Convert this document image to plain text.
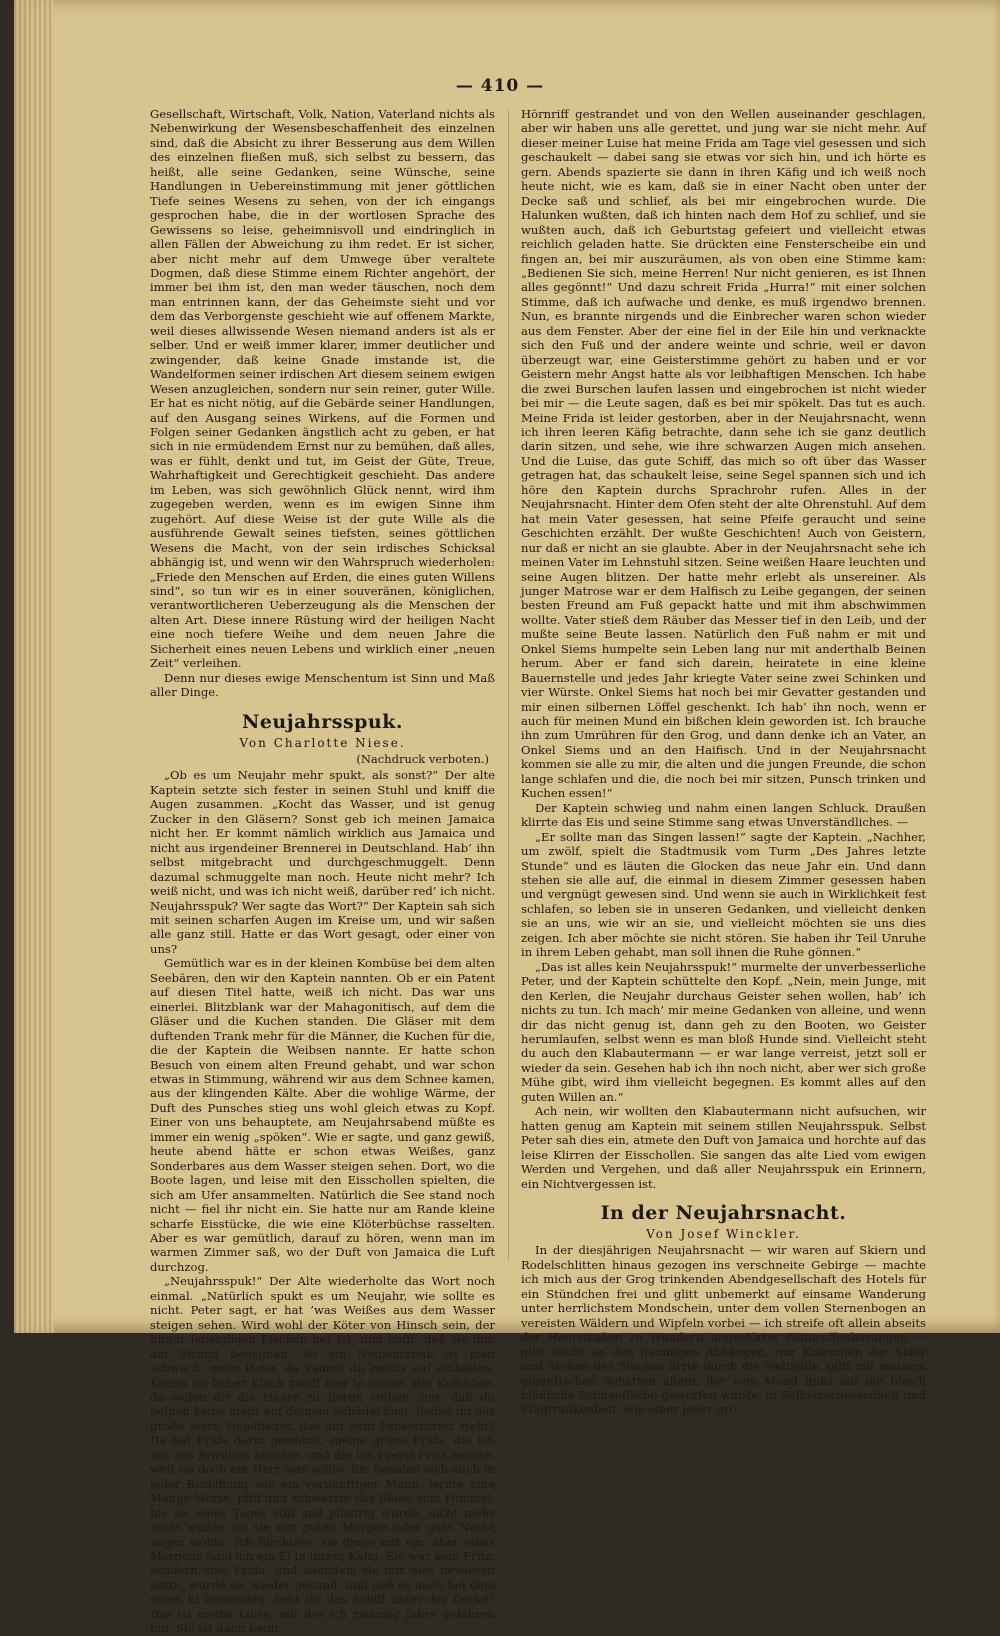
— 410 —

Gesellschaft, Wirtschaft, Volk, Nation, Vaterland nichts als Nebenwirkung der Wesensbeschaffenheit des einzelnen sind, daß die Absicht zu ihrer Besserung aus dem Willen des einzelnen fließen muß, sich selbst zu bessern, das heißt, alle seine Gedanken, seine Wünsche, seine Handlungen in Uebereinstimmung mit jener göttlichen Tiefe seines Wesens zu sehen, von der ich eingangs gesprochen habe, die in der wortlosen Sprache des Gewissens so leise, geheimnisvoll und eindringlich in allen Fällen der Abweichung zu ihm redet. Er ist sicher, aber nicht mehr auf dem Umwege über veraltete Dogmen, daß diese Stimme einem Richter angehört, der immer bei ihm ist, den man weder täuschen, noch dem man entrinnen kann, der das Geheimste sieht und vor dem das Verborgenste geschieht wie auf offenem Markte, weil dieses allwissende Wesen niemand anders ist als er selber. Und er weiß immer klarer, immer deutlicher und zwingender, daß keine Gnade imstande ist, die Wandelformen seiner irdischen Art diesem seinem ewigen Wesen anzugleichen, sondern nur sein reiner, guter Wille. Er hat es nicht nötig, auf die Gebärde seiner Handlungen, auf den Ausgang seines Wirkens, auf die Formen und Folgen seiner Gedanken ängstlich acht zu geben, er hat sich in nie ermüdendem Ernst nur zu bemühen, daß alles, was er fühlt, denkt und tut, im Geist der Güte, Treue, Wahrhaftigkeit und Gerechtigkeit geschieht. Das andere im Leben, was sich gewöhnlich Glück nennt, wird ihm zugegeben werden, wenn es im ewigen Sinne ihm zugehört. Auf diese Weise ist der gute Wille als die ausführende Gewalt seines tiefsten, seines göttlichen Wesens die Macht, von der sein irdisches Schicksal abhängig ist, und wenn wir den Wahrspruch wiederholen: „Friede den Menschen auf Erden, die eines guten Willens sind“, so tun wir es in einer souveränen, königlichen, verantwortlicheren Ueberzeugung als die Menschen der alten Art. Diese innere Rüstung wird der heiligen Nacht eine noch tiefere Weihe und dem neuen Jahre die Sicherheit eines neuen Lebens und wirklich einer „neuen Zeit“ verleihen.

Denn nur dieses ewige Menschentum ist Sinn und Maß aller Dinge.

Neujahrsspuk.
Von Charlotte Niese.
(Nachdruck verboten.)

„Ob es um Neujahr mehr spukt, als sonst?“ Der alte Kaptein setzte sich fester in seinen Stuhl und kniff die Augen zusammen. „Kocht das Wasser, und ist genug Zucker in den Gläsern? Sonst geb ich meinen Jamaica nicht her. Er kommt nämlich wirklich aus Jamaica und nicht aus irgendeiner Brennerei in Deutschland. Hab’ ihn selbst mitgebracht und durchgeschmuggelt. Denn dazumal schmuggelte man noch. Heute nicht mehr? Ich weiß nicht, und was ich nicht weiß, darüber red’ ich nicht. Neujahrsspuk? Wer sagte das Wort?“ Der Kaptein sah sich mit seinen scharfen Augen im Kreise um, und wir saßen alle ganz still. Hatte er das Wort gesagt, oder einer von uns?

Gemütlich war es in der kleinen Kombüse bei dem alten Seebären, den wir den Kaptein nannten. Ob er ein Patent auf diesen Titel hatte, weiß ich nicht. Das war uns einerlei. Blitzblank war der Mahagonitisch, auf dem die Gläser und die Kuchen standen. Die Gläser mit dem duftenden Trank mehr für die Männer, die Kuchen für die, die der Kaptein die Weibsen nannte. Er hatte schon Besuch von einem alten Freund gehabt, und war schon etwas in Stimmung, während wir aus dem Schnee kamen, aus der klingenden Kälte. Aber die wohlige Wärme, der Duft des Punsches stieg uns wohl gleich etwas zu Kopf. Einer von uns behauptete, am Neujahrsabend müßte es immer ein wenig „spöken“. Wie er sagte, und ganz gewiß, heute abend hätte er schon etwas Weißes, ganz Sonderbares aus dem Wasser steigen sehen. Dort, wo die Boote lagen, und leise mit den Eisschollen spielten, die sich am Ufer ansammelten. Natürlich die See stand noch nicht — fiel ihr nicht ein. Sie hatte nur am Rande kleine scharfe Eisstücke, die wie eine Klöterbüchse rasselten. Aber es war gemütlich, darauf zu hören, wenn man im warmen Zimmer saß, wo der Duft von Jamaica die Luft durchzog.

„Neujahrsspuk!“ Der Alte wiederholte das Wort noch einmal. „Natürlich spukt es um Neujahr, wie sollte es nicht. Peter sagt, er hat ’was Weißes aus dem Wasser steigen sehen. Wird wohl der Köter von Hinsch sein, der hinter lebendigen Fischen her ist, und hofft, daß sie ihm am Strand begegnen. So ein Neujahrspuk ist man schwach, mein Peter, da kannst du nichts auf einbilden. Komm du lieber Klock zwölf hier in meine alte Kombüse, da sollen dir die Haare zu Berge stehen, nur, daß du beinah keine mehr auf deinem Schädel hast. Siehst du das große leere Vogelbauer, das auf dem Fensterbrett steht? Da hat Frida darin gewohnt, meine grüne Frida, die ich mit aus Brasilien brachte, und die ich zuerst Fritz nannte, weil sie doch ein Herr sein sollte. Sie benahm sich auch in jeder Beziehung wie ein vernünftiger Mann, lernte eine Menge Worte, pfiff und schwatzte das Blaue vom Himmel, bis sie eines Tages still und plustrig wurde, nicht mehr recht wußte, ob sie mir guten Morgen oder gute Nacht sagen wollte. Ich fürchtete, sie ginge mir ein, aber eines Morgens fand ich ein Ei in ihrem Käfig. Sie war kein Fritz, sondern eine Frida, und nachdem sie mir dies bewiesen hatte, wurde sie wieder gesund, und ließ es auch bei dem einen Ei bewenden. Seht ihr das Schiff unter der Decke? Das ist meine Luise, mit der ich zwanzig Jahre gefahren bin. Sie ist dann beim

Hörnriff gestrandet und von den Wellen auseinander geschlagen, aber wir haben uns alle gerettet, und jung war sie nicht mehr. Auf dieser meiner Luise hat meine Frida am Tage viel gesessen und sich geschaukelt — dabei sang sie etwas vor sich hin, und ich hörte es gern. Abends spazierte sie dann in ihren Käfig und ich weiß noch heute nicht, wie es kam, daß sie in einer Nacht oben unter der Decke saß und schlief, als bei mir eingebrochen wurde. Die Halunken wußten, daß ich hinten nach dem Hof zu schlief, und sie wußten auch, daß ich Geburtstag gefeiert und vielleicht etwas reichlich geladen hatte. Sie drückten eine Fensterscheibe ein und fingen an, bei mir auszuräumen, als von oben eine Stimme kam: „Bedienen Sie sich, meine Herren! Nur nicht genieren, es ist Ihnen alles gegönnt!“ Und dazu schreit Frida „Hurra!“ mit einer solchen Stimme, daß ich aufwache und denke, es muß irgendwo brennen. Nun, es brannte nirgends und die Einbrecher waren schon wieder aus dem Fenster. Aber der eine fiel in der Eile hin und verknackte sich den Fuß und der andere weinte und schrie, weil er davon überzeugt war, eine Geisterstimme gehört zu haben und er vor Geistern mehr Angst hatte als vor leibhaftigen Menschen. Ich habe die zwei Burschen laufen lassen und eingebrochen ist nicht wieder bei mir — die Leute sagen, daß es bei mir spökelt. Das tut es auch. Meine Frida ist leider gestorben, aber in der Neujahrsnacht, wenn ich ihren leeren Käfig betrachte, dann sehe ich sie ganz deutlich darin sitzen, und sehe, wie ihre schwarzen Augen mich ansehen. Und die Luise, das gute Schiff, das mich so oft über das Wasser getragen hat, das schaukelt leise, seine Segel spannen sich und ich höre den Kaptein durchs Sprachrohr rufen. Alles in der Neujahrsnacht. Hinter dem Ofen steht der alte Ohrenstuhl. Auf dem hat mein Vater gesessen, hat seine Pfeife geraucht und seine Geschichten erzählt. Der wußte Geschichten! Auch von Geistern, nur daß er nicht an sie glaubte. Aber in der Neujahrsnacht sehe ich meinen Vater im Lehnstuhl sitzen. Seine weißen Haare leuchten und seine Augen blitzen. Der hatte mehr erlebt als unsereiner. Als junger Matrose war er dem Halfisch zu Leibe gegangen, der seinen besten Freund am Fuß gepackt hatte und mit ihm abschwimmen wollte. Vater stieß dem Räuber das Messer tief in den Leib, und der mußte seine Beute lassen. Natürlich den Fuß nahm er mit und Onkel Siems humpelte sein Leben lang nur mit anderthalb Beinen herum. Aber er fand sich darein, heiratete in eine kleine Bauernstelle und jedes Jahr kriegte Vater seine zwei Schinken und vier Würste. Onkel Siems hat noch bei mir Gevatter gestanden und mir einen silbernen Löffel geschenkt. Ich hab’ ihn noch, wenn er auch für meinen Mund ein bißchen klein geworden ist. Ich brauche ihn zum Umrühren für den Grog, und dann denke ich an Vater, an Onkel Siems und an den Haifisch. Und in der Neujahrsnacht kommen sie alle zu mir, die alten und die jungen Freunde, die schon lange schlafen und die, die noch bei mir sitzen, Punsch trinken und Kuchen essen!“

Der Kaptein schwieg und nahm einen langen Schluck. Draußen klirrte das Eis und seine Stimme sang etwas Unverständliches. —

„Er sollte man das Singen lassen!“ sagte der Kaptein. „Nachher, um zwölf, spielt die Stadtmusik vom Turm „Des Jahres letzte Stunde“ und es läuten die Glocken das neue Jahr ein. Und dann stehen sie alle auf, die einmal in diesem Zimmer gesessen haben und vergnügt gewesen sind. Und wenn sie auch in Wirklichkeit fest schlafen, so leben sie in unseren Gedanken, und vielleicht denken sie an uns, wie wir an sie, und vielleicht möchten sie uns dies zeigen. Ich aber möchte sie nicht stören. Sie haben ihr Teil Unruhe in ihrem Leben gehabt, man soll ihnen die Ruhe gönnen.“

„Das ist alles kein Neujahrsspuk!“ murmelte der unverbesserliche Peter, und der Kaptein schüttelte den Kopf. „Nein, mein Junge, mit den Kerlen, die Neujahr durchaus Geister sehen wollen, hab’ ich nichts zu tun. Ich mach’ mir meine Gedanken von alleine, und wenn dir das nicht genug ist, dann geh zu den Booten, wo Geister herumlaufen, selbst wenn es man bloß Hunde sind. Vielleicht steht du auch den Klabautermann — er war lange verreist, jetzt soll er wieder da sein. Gesehen hab ich ihn noch nicht, aber wer sich große Mühe gibt, wird ihm vielleicht begegnen. Es kommt alles auf den guten Willen an.“

Ach nein, wir wollten den Klabautermann nicht aufsuchen, wir hatten genug am Kaptein mit seinem stillen Neujahrsspuk. Selbst Peter sah dies ein, atmete den Duft von Jamaica und horchte auf das leise Klirren der Eisschollen. Sie sangen das alte Lied vom ewigen Werden und Vergehen, und daß aller Neujahrsspuk ein Erinnern, ein Nichtvergessen ist.

In der Neujahrsnacht.
Von Josef Winckler.

In der diesjährigen Neujahrsnacht — wir waren auf Skiern und Rodelschlitten hinaus gezogen ins verschneite Gebirge — machte ich mich aus der Grog trinkenden Abendgesellschaft des Hotels für ein Stündchen frei und glitt unbemerkt auf einsame Wanderung unter herrlichstem Mondschein, unter dem vollen Sternenbogen an vereisten Wäldern und Wipfeln vorbei — ich streife oft allein abseits der Heerstraßen zu Wundern ungestörter Naturoffenbarungen — glitt leicht an den flaumigen Abhängen, nur Knirschen der Skier und Stoßen des Stockes firrte durch die Weltstille, glitt mit meinem gigantischen Schatten allein, der vom Mond links auf die bleich bläuliche Schneefläche geworfen wurde, in Selbstvergessenheit und Flugtrunkenheit, wie einer jener gro-
